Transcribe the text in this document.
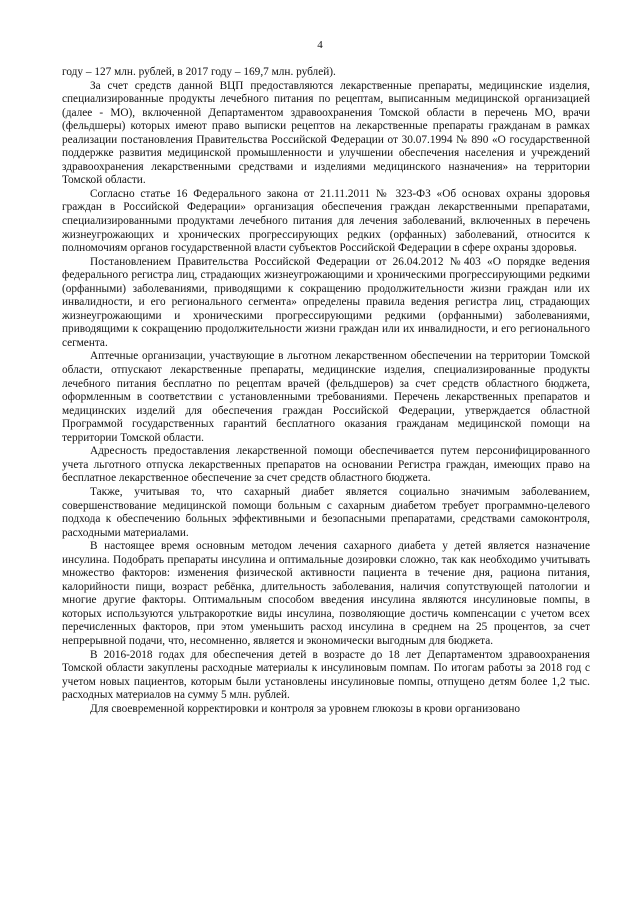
4

году – 127 млн. рублей, в 2017 году – 169,7 млн. рублей).

За счет средств данной ВЦП предоставляются лекарственные препараты, медицинские изделия, специализированные продукты лечебного питания по рецептам, выписанным медицинской организацией (далее - МО), включенной Департаментом здравоохранения Томской области в перечень МО, врачи (фельдшеры) которых имеют право выписки рецептов на лекарственные препараты гражданам в рамках реализации постановления Правительства Российской Федерации от 30.07.1994 № 890 «О государственной поддержке развития медицинской промышленности и улучшении обеспечения населения и учреждений здравоохранения лекарственными средствами и изделиями медицинского назначения» на территории Томской области.

Согласно статье 16 Федерального закона от 21.11.2011 № 323-ФЗ «Об основах охраны здоровья граждан в Российской Федерации» организация обеспечения граждан лекарственными препаратами, специализированными продуктами лечебного питания для лечения заболеваний, включенных в перечень жизнеугрожающих и хронических прогрессирующих редких (орфанных) заболеваний, относится к полномочиям органов государственной власти субъектов Российской Федерации в сфере охраны здоровья.

Постановлением Правительства Российской Федерации от 26.04.2012 №403 «О порядке ведения федерального регистра лиц, страдающих жизнеугрожающими и хроническими прогрессирующими редкими (орфанными) заболеваниями, приводящими к сокращению продолжительности жизни граждан или их инвалидности, и его регионального сегмента» определены правила ведения регистра лиц, страдающих жизнеугрожающими и хроническими прогрессирующими редкими (орфанными) заболеваниями, приводящими к сокращению продолжительности жизни граждан или их инвалидности, и его регионального сегмента.

Аптечные организации, участвующие в льготном лекарственном обеспечении на территории Томской области, отпускают лекарственные препараты, медицинские изделия, специализированные продукты лечебного питания бесплатно по рецептам врачей (фельдшеров) за счет средств областного бюджета, оформленным в соответствии с установленными требованиями. Перечень лекарственных препаратов и медицинских изделий для обеспечения граждан Российской Федерации, утверждается областной Программой государственных гарантий бесплатного оказания гражданам медицинской помощи на территории Томской области.

Адресность предоставления лекарственной помощи обеспечивается путем персонифицированного учета льготного отпуска лекарственных препаратов на основании Регистра граждан, имеющих право на бесплатное лекарственное обеспечение за счет средств областного бюджета.

Также, учитывая то, что сахарный диабет является социально значимым заболеванием, совершенствование медицинской помощи больным с сахарным диабетом требует программно-целевого подхода к обеспечению больных эффективными и безопасными препаратами, средствами самоконтроля, расходными материалами.

В настоящее время основным методом лечения сахарного диабета у детей является назначение инсулина. Подобрать препараты инсулина и оптимальные дозировки сложно, так как необходимо учитывать множество факторов: изменения физической активности пациента в течение дня, рациона питания, калорийности пищи, возраст ребёнка, длительность заболевания, наличия сопутствующей патологии и многие другие факторы. Оптимальным способом введения инсулина являются инсулиновые помпы, в которых используются ультракороткие виды инсулина, позволяющие достичь компенсации с учетом всех перечисленных факторов, при этом уменьшить расход инсулина в среднем на 25 процентов, за счет непрерывной подачи, что, несомненно, является и экономически выгодным для бюджета.

В 2016-2018 годах для обеспечения детей в возрасте до 18 лет Департаментом здравоохранения Томской области закуплены расходные материалы к инсулиновым помпам. По итогам работы за 2018 год с учетом новых пациентов, которым были установлены инсулиновые помпы, отпущено детям более 1,2 тыс. расходных материалов на сумму 5 млн. рублей.

Для своевременной корректировки и контроля за уровнем глюкозы в крови организовано
